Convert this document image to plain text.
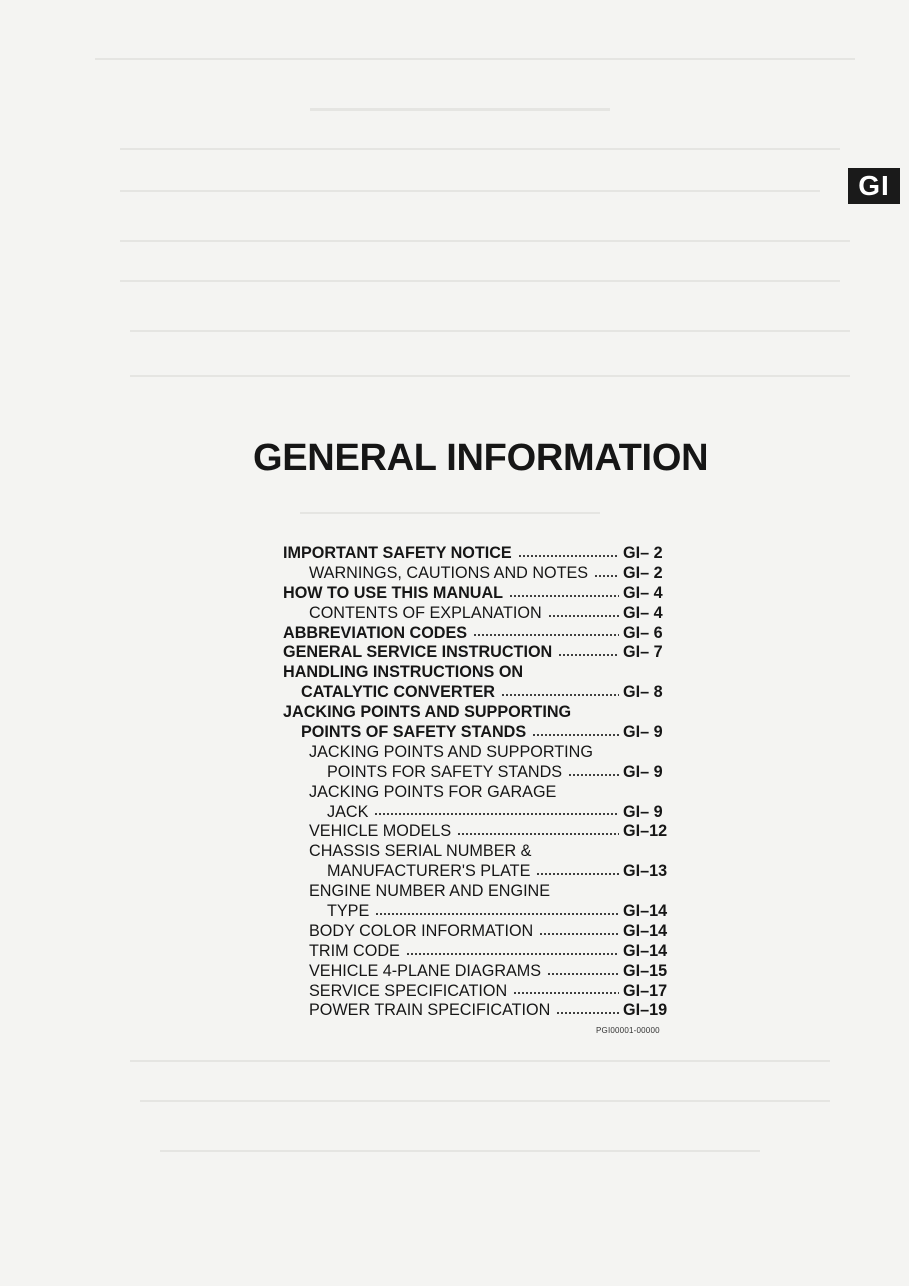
GI
GENERAL INFORMATION
IMPORTANT SAFETY NOTICE	GI– 2
WARNINGS, CAUTIONS AND NOTES GI– 2
HOW TO USE THIS MANUAL	GI– 4
CONTENTS OF EXPLANATION	GI– 4
ABBREVIATION CODES	GI– 6
GENERAL SERVICE INSTRUCTION	GI– 7
HANDLING INSTRUCTIONS ON
CATALYTIC CONVERTER	GI– 8
JACKING POINTS AND SUPPORTING
POINTS OF SAFETY STANDS	GI– 9
JACKING POINTS AND SUPPORTING
POINTS FOR SAFETY STANDS	GI– 9
JACKING POINTS FOR GARAGE
JACK	GI– 9
VEHICLE MODELS	GI–12
CHASSIS SERIAL NUMBER &
MANUFACTURER'S PLATE	GI–13
ENGINE NUMBER AND ENGINE
TYPE	GI–14
BODY COLOR INFORMATION	GI–14
TRIM CODE	GI–14
VEHICLE 4-PLANE DIAGRAMS	GI–15
SERVICE SPECIFICATION	GI–17
POWER TRAIN SPECIFICATION	GI–19
PGI00001-00000
